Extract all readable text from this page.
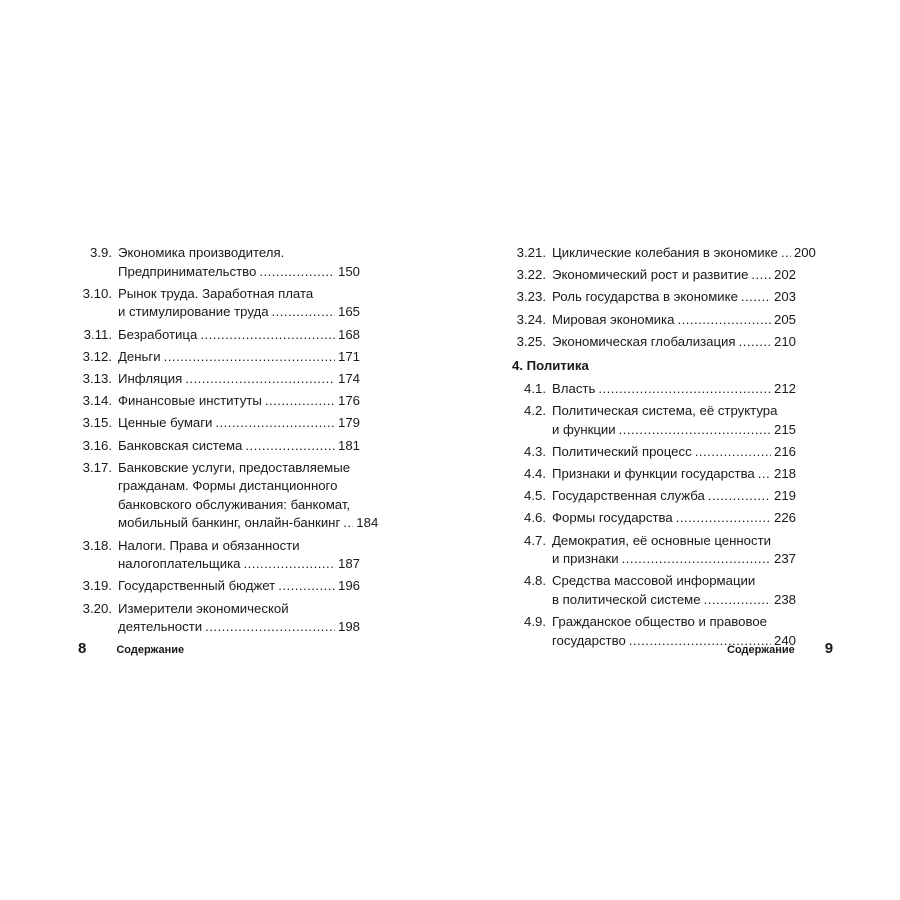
3.9. Экономика производителя.
Предпринимательство . . .	150
3.10. Рынок труда. Заработная плата
и стимулирование труда . . .	165
3.11. Безработица . . .	168
3.12. Деньги . . .	171
3.13. Инфляция . . .	174
3.14. Финансовые институты . . .	176
3.15. Ценные бумаги . . .	179
3.16. Банковская система . . .	181
3.17. Банковские услуги, предоставляемые
гражданам. Формы дистанционного
банковского обслуживания: банкомат,
мобильный банкинг, онлайн-банкинг . . . 184
3.18. Налоги. Права и обязанности
налогоплательщика . . .	187
3.19. Государственный бюджет . . .	196
3.20. Измерители экономической
деятельности . . .	198
3.21. Циклические колебания в экономике . . . 200
3.22. Экономический рост и развитие . . . 202
3.23. Роль государства в экономике . . .	203
3.24. Мировая экономика . . .	205
3.25. Экономическая глобализация . . .	210
4. Политика
4.1. Власть . . .	212
4.2. Политическая система, её структура
и функции . . .	215
4.3. Политический процесс . . .	216
4.4. Признаки и функции государства . . . 218
4.5. Государственная служба . . .	219
4.6. Формы государства . . .	226
4.7. Демократия, её основные ценности
и признаки . . .	237
4.8. Средства массовой информации
в политической системе . . .	238
4.9. Гражданское общество и правовое
государство . . .	240
8	Содержание	Содержание 9
